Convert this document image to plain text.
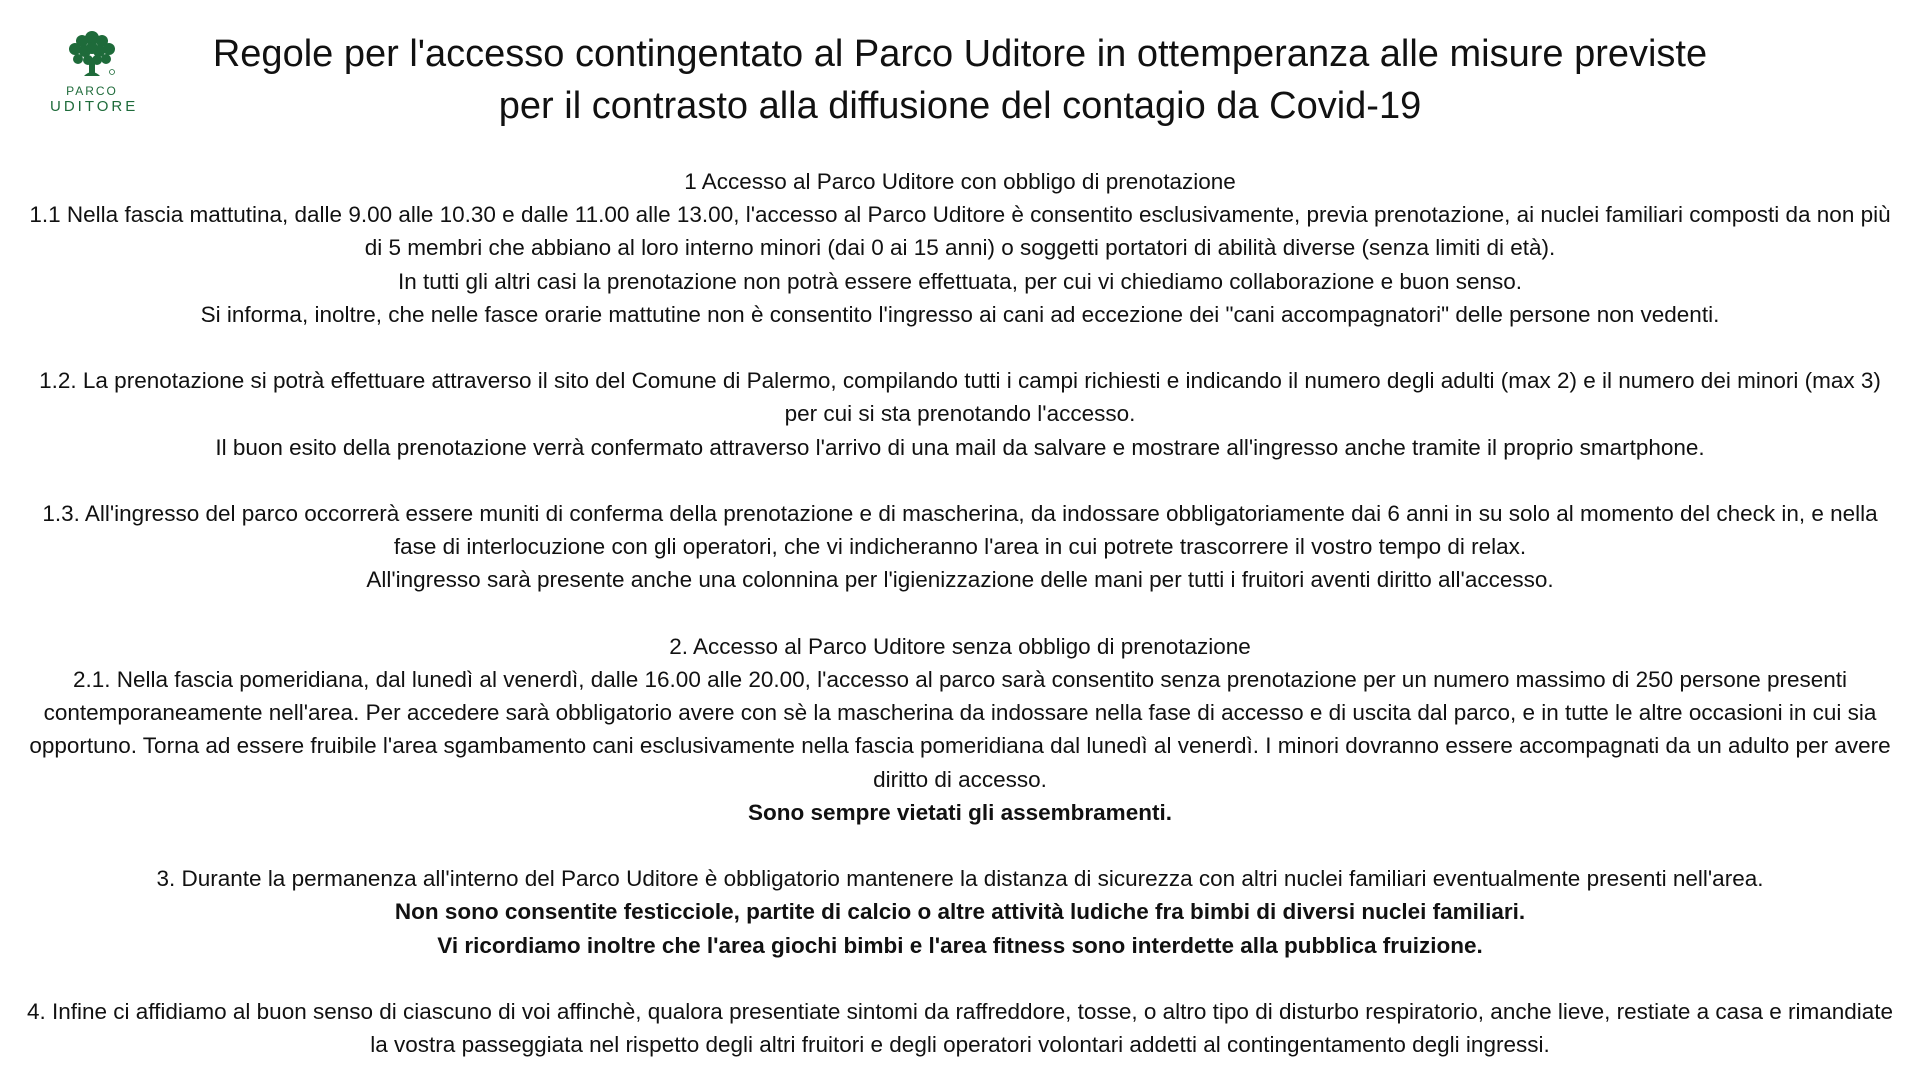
PARCO
UDITORE
Regole per l'accesso contingentato al Parco Uditore in ottemperanza alle misure previste
per il contrasto alla diffusione del contagio da Covid-19

1 Accesso al Parco Uditore con obbligo di prenotazione

1.1 Nella fascia mattutina, dalle 9.00 alle 10.30 e dalle 11.00 alle 13.00, l'accesso al Parco Uditore è consentito esclusivamente, previa prenotazione, ai nuclei familiari composti da non più di 5 membri che abbiano al loro interno minori (dai 0 ai 15 anni) o soggetti portatori di abilità diverse (senza limiti di età).

In tutti gli altri casi la prenotazione non potrà essere effettuata, per cui vi chiediamo collaborazione e buon senso.

Si informa, inoltre, che nelle fasce orarie mattutine non è consentito l'ingresso ai cani ad eccezione dei "cani accompagnatori" delle persone non vedenti.

1.2. La prenotazione si potrà effettuare attraverso il sito del Comune di Palermo, compilando tutti i campi richiesti e indicando il numero degli adulti (max 2) e il numero dei minori (max 3) per cui si sta prenotando l'accesso.

Il buon esito della prenotazione verrà confermato attraverso l'arrivo di una mail da salvare e mostrare all'ingresso anche tramite il proprio smartphone.

1.3. All'ingresso del parco occorrerà essere muniti di conferma della prenotazione e di mascherina, da indossare obbligatoriamente dai 6 anni in su solo al momento del check in, e nella fase di interlocuzione con gli operatori, che vi indicheranno l'area in cui potrete trascorrere il vostro tempo di relax.

All'ingresso sarà presente anche una colonnina per l'igienizzazione delle mani per tutti i fruitori aventi diritto all'accesso.

2. Accesso al Parco Uditore senza obbligo di prenotazione

2.1. Nella fascia pomeridiana, dal lunedì al venerdì, dalle 16.00 alle 20.00, l'accesso al parco sarà consentito senza prenotazione per un numero massimo di 250 persone presenti contemporaneamente nell'area. Per accedere sarà obbligatorio avere con sè la mascherina da indossare nella fase di accesso e di uscita dal parco, e in tutte le altre occasioni in cui sia opportuno. Torna ad essere fruibile l'area sgambamento cani esclusivamente nella fascia pomeridiana dal lunedì al venerdì. I minori dovranno essere accompagnati da un adulto per avere diritto di accesso.

Sono sempre vietati gli assembramenti.

3. Durante la permanenza all'interno del Parco Uditore è obbligatorio mantenere la distanza di sicurezza con altri nuclei familiari eventualmente presenti nell'area.

Non sono consentite festicciole, partite di calcio o altre attività ludiche fra bimbi di diversi nuclei familiari.

Vi ricordiamo inoltre che l'area giochi bimbi e l'area fitness sono interdette alla pubblica fruizione.

4. Infine ci affidiamo al buon senso di ciascuno di voi affinchè, qualora presentiate sintomi da raffreddore, tosse, o altro tipo di disturbo respiratorio, anche lieve, restiate a casa e rimandiate la vostra passeggiata nel rispetto degli altri fruitori e degli operatori volontari addetti al contingentamento degli ingressi.
